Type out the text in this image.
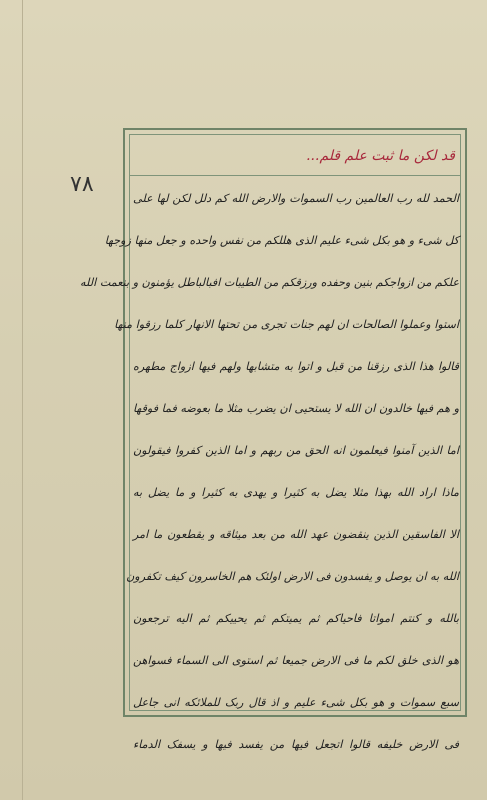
۷۸
قد لکن ما ثبت علم قلم...
الحمد لله رب العالمین رب السموات والارض الله کم دلل لکن لها علی
کل شیء و هو بکل شیء علیم الذی هللکم من نفس واحده و جعل منها زوجها
علکم من ازواجکم بنین وحفده ورزقکم من الطیبات افبالباطل یؤمنون و بنعمت الله
استوا وعملوا الصالحات ان لهم جنات تجری من تحتها الانهار کلما رزقوا منها
قالوا هذا الذی رزقنا من قبل و اتوا به متشابها ولهم فیها ازواج مطهره
و هم فیها خالدون ان الله لا یستحیی ان یضرب مثلا ما بعوضه فما فوقها
اما الذین آمنوا فیعلمون انه الحق من ربهم و اما الذین کفروا فیقولون
ماذا اراد الله بهذا مثلا یضل به کثیرا و یهدی به کثیرا و ما یضل به
الا الفاسقین الذین ینقضون عهد الله من بعد میثاقه و یقطعون ما امر
الله به ان یوصل و یفسدون فی الارض اولئک هم الخاسرون کیف تکفرون
بالله و کنتم امواتا فاحیاکم ثم یمیتکم ثم یحییکم ثم الیه ترجعون
هو الذی خلق لکم ما فی الارض جمیعا ثم استوی الی السماء فسواهن
سبع سموات و هو بکل شیء علیم و اذ قال ربک للملائکه انی جاعل
فی الارض خلیفه قالوا اتجعل فیها من یفسد فیها و یسفک الدماء
